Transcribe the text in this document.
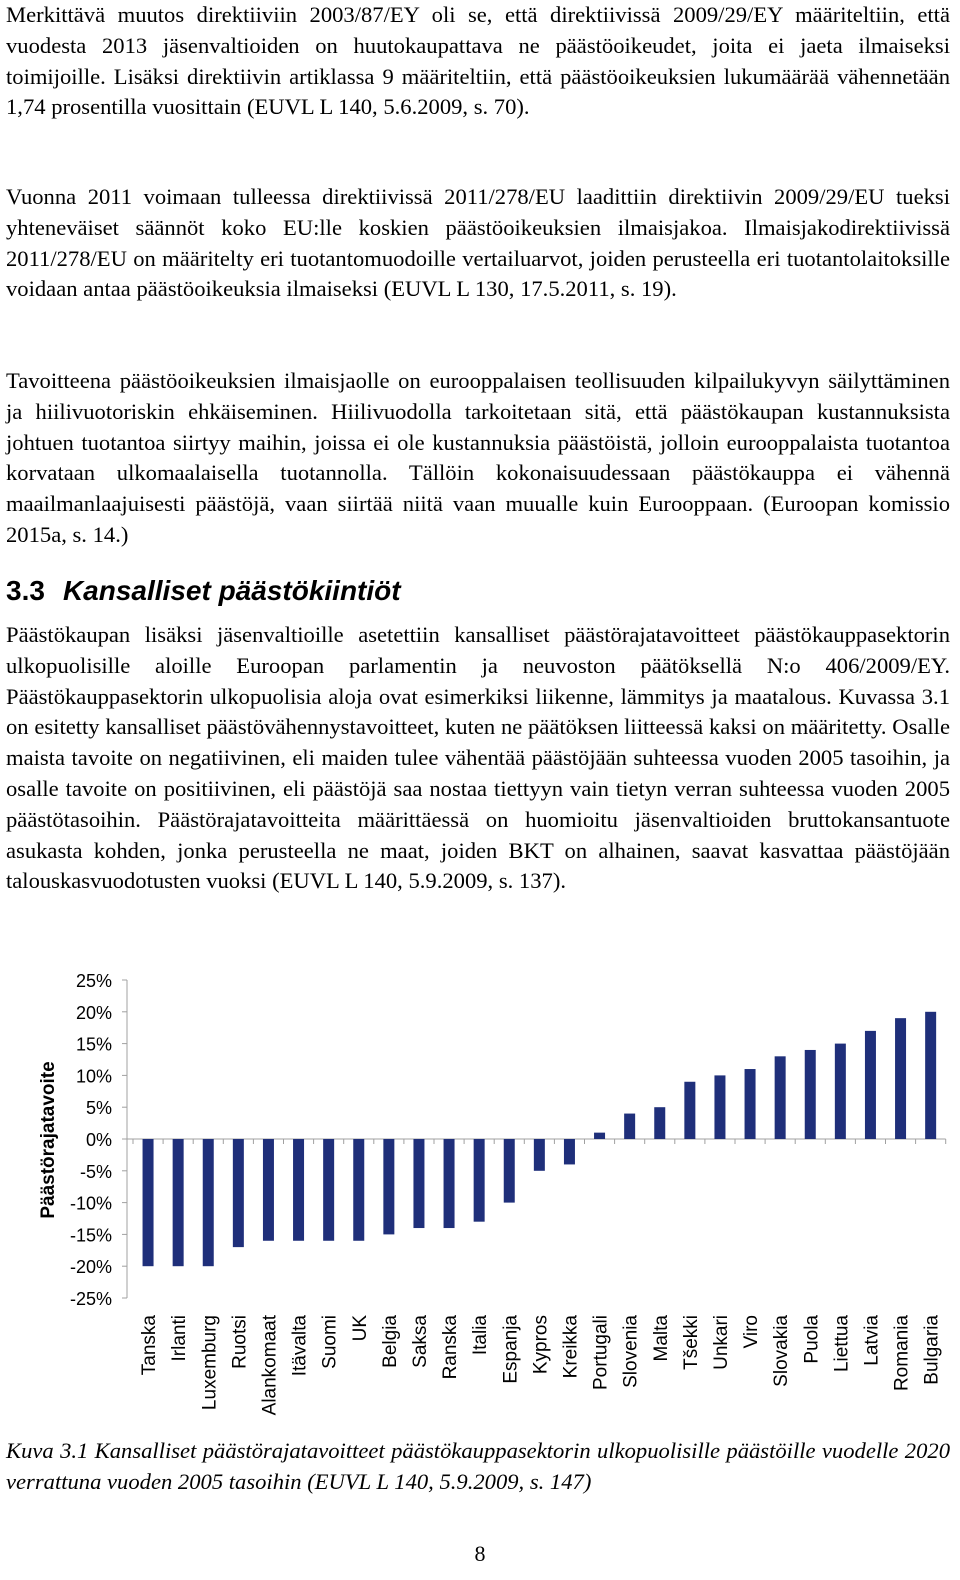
Merkittävä muutos direktiiviin 2003/87/EY oli se, että direktiivissä 2009/29/EY määriteltiin, että vuodesta 2013 jäsenvaltioiden on huutokaupattava ne päästöoikeudet, joita ei jaeta ilmaiseksi toimijoille. Lisäksi direktiivin artiklassa 9 määriteltiin, että päästöoikeuksien lukumäärää vähennetään 1,74 prosentilla vuosittain (EUVL L 140, 5.6.2009, s. 70).

Vuonna 2011 voimaan tulleessa direktiivissä 2011/278/EU laadittiin direktiivin 2009/29/EU tueksi yhteneväiset säännöt koko EU:lle koskien päästöoikeuksien ilmaisjakoa. Ilmaisjakodirektiivissä 2011/278/EU on määritelty eri tuotantomuodoille vertailuarvot, joiden perusteella eri tuotantolaitoksille voidaan antaa päästöoikeuksia ilmaiseksi (EUVL L 130, 17.5.2011, s. 19).

Tavoitteena päästöoikeuksien ilmaisjaolle on eurooppalaisen teollisuuden kilpailukyvyn säilyttäminen ja hiilivuotoriskin ehkäiseminen. Hiilivuodolla tarkoitetaan sitä, että päästökaupan kustannuksista johtuen tuotantoa siirtyy maihin, joissa ei ole kustannuksia päästöistä, jolloin eurooppalaista tuotantoa korvataan ulkomaalaisella tuotannolla. Tällöin kokonaisuudessaan päästökauppa ei vähennä maailmanlaajuisesti päästöjä, vaan siirtää niitä vaan muualle kuin Eurooppaan. (Euroopan komissio 2015a, s. 14.)

3.3 Kansalliset päästökiintiöt

Päästökaupan lisäksi jäsenvaltioille asetettiin kansalliset päästörajatavoitteet päästökauppasektorin ulkopuolisille aloille Euroopan parlamentin ja neuvoston päätöksellä N:o 406/2009/EY. Päästökauppasektorin ulkopuolisia aloja ovat esimerkiksi liikenne, lämmitys ja maatalous. Kuvassa 3.1 on esitetty kansalliset päästövähennystavoitteet, kuten ne päätöksen liitteessä kaksi on määritetty. Osalle maista tavoite on negatiivinen, eli maiden tulee vähentää päästöjään suhteessa vuoden 2005 tasoihin, ja osalle tavoite on positiivinen, eli päästöjä saa nostaa tiettyyn vain tietyn verran suhteessa vuoden 2005 päästötasoihin. Päästörajatavoitteita määrittäessä on huomioitu jäsenvaltioiden bruttokansantuote asukasta kohden, jonka perusteella ne maat, joiden BKT on alhainen, saavat kasvattaa päästöjään talouskasvuodotusten vuoksi (EUVL L 140, 5.9.2009, s. 137).

Päästörajatavoite
25%
20%
15%
10%
5%
0%
-5%
-10%
-15%
-20%
-25%
Tanska Irlanti Luxemburg Ruotsi Alankomaat Itävalta Suomi UK Belgia Saksa Ranska Italia Espanja Kypros Kreikka Portugali Slovenia Malta Tšekki Unkari Viro Slovakia Puola Liettua Latvia Romania Bulgaria

Kuva 3.1 Kansalliset päästörajatavoitteet päästökauppasektorin ulkopuolisille päästöille vuodelle 2020 verrattuna vuoden 2005 tasoihin (EUVL L 140, 5.9.2009, s. 147)

8
